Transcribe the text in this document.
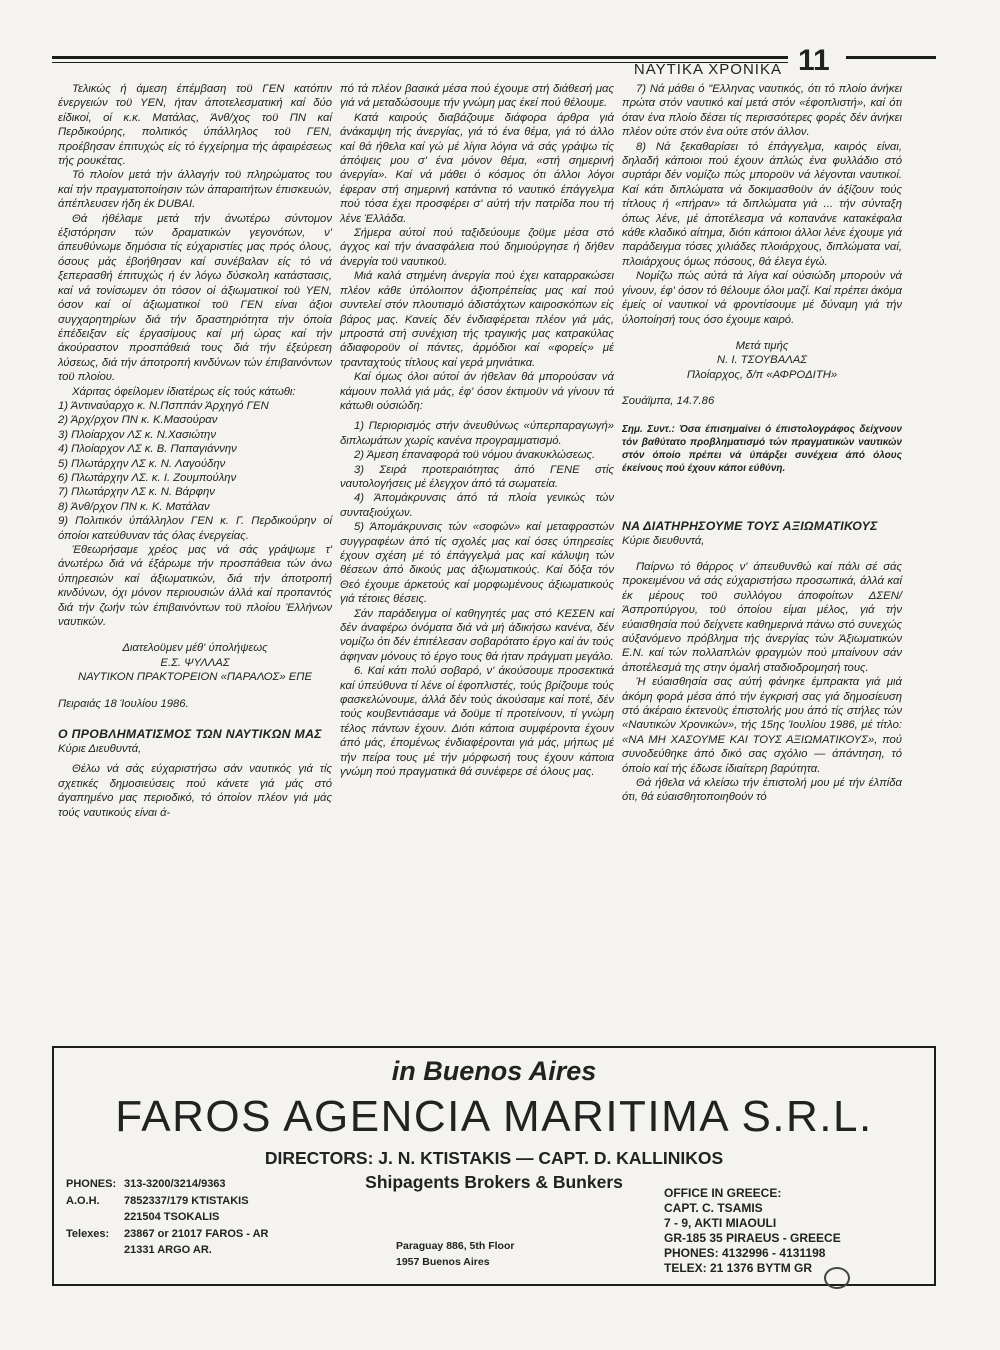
ΝΑΥΤΙΚΑ ΧΡΟΝΙΚΑ 11

Τελικώς ή άμεση έπέμβαση τοϋ ΓΕΝ κατόπιν ένεργειών τοϋ ΥΕΝ, ήταν άποτελεσματική καί δύο είδικοί, οί κ.κ. Ματάλας, Άνθ/χος τοϋ ΠΝ καί Περδικούρης, πολιτικός ύπάλληλος τοϋ ΓΕΝ, προέβησαν έπιτυχώς είς τό έγχείρημα τής άφαιρέσεως τής ρουκέτας.

Τό πλοίον μετά τήν άλλαγήν τοϋ πληρώματος του καί τήν πραγματοποίησιν τών άπαραιτήτων έπισκευών, άπέπλευσεν ήδη έκ DUBAI.

Θά ήθέλαμε μετά τήν άνωτέρω σύντομον έξιστόρησιν τών δραματικών γεγονότων, ν' άπευθύνωμε δημόσια τίς εύχαριστίες μας πρός όλους, όσους μάς έβοήθησαν καί συνέβαλαν είς τό νά ξεπερασθή έπιτυχώς ή έν λόγω δύσκολη κατάστασις, καί νά τονίσωμεν ότι τόσον οί άξιωματικοί τοϋ ΥΕΝ, όσον καί οί άξιωματικοί τοϋ ΓΕΝ είναι άξιοι συγχαρητηρίων διά τήν δραστηριότητα τήν όποία έπέδειξαν είς έργασίμους καί μή ώρας καί τήν άκούραστον προσπάθειά τους διά τήν έξεύρεση λύσεως, διά τήν άποτροπή κινδύνων τών έπιβαινόντων τοϋ πλοίου.

Χάριτας όφείλομεν ίδιατέρως είς τούς κάτωθι:

1) Άντιναύαρχο κ. Ν.Πσππάν Άρχηγό ΓΕΝ
2) Άρχ/ρχον ΠΝ κ. Κ.Μασούραν
3) Πλοίαρχον ΛΣ κ. Ν.Χασιώτην
4) Πλοίαρχον ΛΣ κ. Β. Παπαγιάννην
5) Πλωτάρχην ΛΣ κ. Ν. Λαγούδην
6) Πλωτάρχην ΛΣ. κ. Ι. Ζουμπούλην
7) Πλωτάρχην ΛΣ κ. Ν. Βάρφην
8) Άνθ/ρχον ΠΝ κ. Κ. Ματάλαν
9) Πολιτικόν ύπάλληλον ΓΕΝ κ. Γ. Περδικούρην οί όποίοι κατεύθυναν τάς όλας ένεργείας.

Έθεωρήσαμε χρέος μας νά σάς γράψωμε τ' άνωτέρω διά νά έξάρωμε τήν προσπάθεια τών άνω ύπηρεσιών καί άξιωματικών, διά τήν άποτροπή κινδύνων, όχι μόνον περιουσιών άλλά καί προπαντός διά τήν ζωήν τών έπιβαινόντων τοϋ πλοίου Έλλήνων ναυτικών.

Διατελοϋμεν μέθ' ύπολήψεως

Ε.Σ. ΨΥΛΛΑΣ

ΝΑΥΤΙΚΟΝ ΠΡΑΚΤΟΡΕΙΟΝ «ΠΑΡΑΛΟΣ» ΕΠΕ

Πειραιάς 18 Ίουλίου 1986.

Ο ΠΡΟΒΛΗΜΑΤΙΣΜΟΣ ΤΩΝ ΝΑΥΤΙΚΩΝ ΜΑΣ

Κύριε Διευθυντά,

Θέλω νά σάς εύχαριστήσω σάν ναυτικός γιά τίς σχετικές δημοσιεύσεις πού κάνετε γιά μάς στό άγαπημένο μας περιοδικό, τό όποίον πλέον γιά μάς τούς ναυτικούς είναι ά-

πό τά πλέον βασικά μέσα πού έχουμε στή διάθεσή μας γιά νά μεταδώσουμε τήν γνώμη μας έκεί πού θέλουμε.

Κατά καιρούς διαβάζουμε διάφορα άρθρα γιά άνάκαμψη τής άνεργίας, γιά τό ένα θέμα, γιά τό άλλο καί θά ήθελα καί γώ μέ λίγια λόγια νά σάς γράψω τίς άπόψεις μου σ' ένα μόνον θέμα, «στή σημερινή άνεργία». Καί νά μάθει ό κόσμος ότι άλλοι λόγοι έφεραν στή σημερινή κατάντια τό ναυτικό έπάγγελμα πού τόσα έχει προσφέρει σ' αύτή τήν πατρίδα που τή λένε Έλλάδα.

Σήμερα αύτοί πού ταξιδεύουμε ζοϋμε μέσα στό άγχος καί τήν άνασφάλεια πού δημιούργησε ή δήθεν άνεργία τοϋ ναυτικοϋ.

Μιά καλά στημένη άνεργία πού έχει καταρρακώσει πλέον κάθε ύπόλοιπον άξιοπρέπείας μας καί πού συντελεί στόν πλουτισμό άδιστάχτων καιροσκόπων είς βάρος μας. Κανείς δέν ένδιαφέρεται πλέον γιά μάς, μπροστά στή συνέχιση τής τραγικής μας κατρακύλας άδιαφοροϋν οί πάντες, άρμόδιοι καί «φορείς» μέ τρανταχτούς τίτλους καί γερά μηνιάτικα.

Καί όμως όλοι αύτοί άν ήθελαν θά μπορούσαν νά κάμουν πολλά γιά μάς, έφ' όσον έκτιμοϋν νά γίνουν τά κάτωθι ούσιώδη:

1) Περιορισμός στήν άνευθύνως «ύπερπαραγωγή» διπλωμάτων χωρίς κανένα προγραμματισμό.

2) Άμεση έπαναφορά τοϋ νόμου άνακυκλώσεως.

3) Σειρά προτεραιότητας άπό ΓΕΝΕ στίς ναυτολογήσεις μέ έλεγχον άπό τά σωματεία.

4) Άπομάκρυνσις άπό τά πλοία γενικώς τών συνταξιούχων.

5) Άπομάκρυνσις τών «σοφών» καί μεταφραστών συγγραφέων άπό τίς σχολές μας καί όσες ύπηρεσίες έχουν σχέση μέ τό έπάγγελμά μας καί κάλυψη τών θέσεων άπό δικούς μας άξιωματικούς. Καί δόξα τόν Θεό έχουμε άρκετούς καί μορφωμένους άξιωματικούς γιά τέτοιες θέσεις.

Σάν παράδειγμα οί καθηγητές μας στό ΚΕΣΕΝ καί δέν άναφέρω όνόματα διά νά μή άδικήσω κανένα, δέν νομίζω ότι δέν έπιτέλεσαν σοβαρότατο έργο καί άν τούς άφηναν μόνους τό έργο τους θά ήταν πράγματι μεγάλο.

6. Καί κάτι πολύ σοβαρό, ν' άκούσουμε προσεκτικά καί ύπεύθυνα τί λένε οί έφοπλιστές, τούς βρίζουμε τούς φασκελώνουμε, άλλά δέν τούς άκούσαμε καί ποτέ, δέν τούς κουβεντιάσαμε νά δοϋμε τί προτείνουν, τί γνώμη τέλος πάντων έχουν. Διότι κάποια συμφέροντα έχουν άπό μάς, έπομένως ένδιαφέρονται γιά μάς, μήπως μέ τήν πείρα τους μέ τήν μόρφωσή τους έχουν κάποια γνώμη πού πραγματικά θά συνέφερε σέ όλους μας.

7) Νά μάθει ό "Ελληνας ναυτικός, ότι τό πλοίο άνήκει πρώτα στόν ναυτικό καί μετά στόν «έφοπλιστή», καί ότι όταν ένα πλοίο δέσει τίς περισσότερες φορές δέν άνήκει πλέον ούτε στόν ένα ούτε στόν άλλον.

8) Νά ξεκαθαρίσει τό έπάγγελμα, καιρός είναι, δηλαδή κάποιοι πού έχουν άπλώς ένα φυλλάδιο στό συρτάρι δέν νομίζω πώς μποροϋν νά λέγονται ναυτικοί. Καί κάτι διπλώματα νά δοκιμασθοϋν άν άξίζουν τούς τίτλους ή «πήραν» τά διπλώματα γιά ... τήν σύνταξη όπως λένε, μέ άποτέλεσμα νά κοπανάνε κατακέφαλα κάθε κλαδικό αίτημα, διότι κάποιοι άλλοι λένε έχουμε γιά παράδειγμα τόσες χιλιάδες πλοιάρχους, διπλώματα ναί, πλοιάρχους όμως πόσους, θά έλεγα έγώ.

Νομίζω πώς αύτά τά λίγα καί ούσιώδη μπορούν νά γίνουν, έφ' όσον τό θέλουμε όλοι μαζί. Καί πρέπει άκόμα έμείς οί ναυτικοί νά φροντίσουμε μέ δύναμη γιά τήν ύλοποίησή τους όσο έχουμε καιρό.

Μετά τιμής

Ν. Ι. ΤΣΟΥΒΑΛΑΣ

Πλοίαρχος, δ/π «ΑΦΡΟΔΙΤΗ»

Σουάϊμπα, 14.7.86

Σημ. Συντ.: Όσα έπισημαίνει ό έπιστολογράφος δείχνουν τόν βαθύτατο προβληματισμό τών πραγματικών ναυτικών στόν όποίο πρέπει νά ύπάρξει συνέχεια άπό όλους έκείνους πού έχουν κάποι εύθύνη.

ΝΑ ΔΙΑΤΗΡΗΣΟΥΜΕ ΤΟΥΣ ΑΞΙΩΜΑΤΙΚΟΥΣ

Κύριε διευθυντά,

Παίρνω τό θάρρος ν' άπευθυνθώ καί πάλι σέ σάς προκειμένου νά σάς εύχαριστήσω προσωπικά, άλλά καί έκ μέρους τοϋ συλλόγου άποφοίτων ΔΣΕΝ/Άσπροπύργου, τοϋ όποίου είμαι μέλος, γιά τήν εύαισθησία πού δείχνετε καθημερινά πάνω στό συνεχώς αύξανόμενο πρόβλημα τής άνεργίας τών Άξιωματικών Ε.Ν. καί τών πολλαπλών φραγμών πού μπαίνουν σάν άποτέλεσμά της στην όμαλή σταδιοδρομησή τους.

Ή εύαισθησία σας αύτή φάνηκε έμπρακτα γιά μιά άκόμη φορά μέσα άπό τήν έγκρισή σας γιά δημοσίευση στό άκέραιο έκτενοϋς έπιστολής μου άπό τίς στήλες τών «Ναυτικών Χρονικών», τής 15ης Ίουλίου 1986, μέ τίτλο: «ΝΑ ΜΗ ΧΑΣΟΥΜΕ ΚΑΙ ΤΟΥΣ ΑΞΙΩΜΑΤΙΚΟΥΣ», πού συνοδεύθηκε άπό δικό σας σχόλιο — άπάντηση, τό όποίο καί τής έδωσε ίδιαίτερη βαρύτητα.

Θά ήθελα νά κλείσω τήν έπιστολή μου μέ τήν έλπίδα ότι, θά εύαισθητοποιηθούν τό

in Buenos Aires
FAROS AGENCIA MARITIMA S.R.L.
DIRECTORS: J. N. KTISTAKIS — CAPT. D. KALLINIKOS
Shipagents Brokers & Bunkers
PHONES: 313-3200/3214/9363
A.O.H.	7852337/179 KTISTAKIS
221504 TSOKALIS
Telexes:	23867 or 21017 FAROS - AR
21331 ARGO AR.	Paraguay 886, 5th Floor
1957 Buenos Aires
OFFICE IN GREECE:
CAPT. C. TSAMIS
7 - 9, AKTI MIAOULI
GR-185 35 PIRAEUS - GREECE
PHONES: 4132996 - 4131198
TELEX: 21 1376 BYTM GR
